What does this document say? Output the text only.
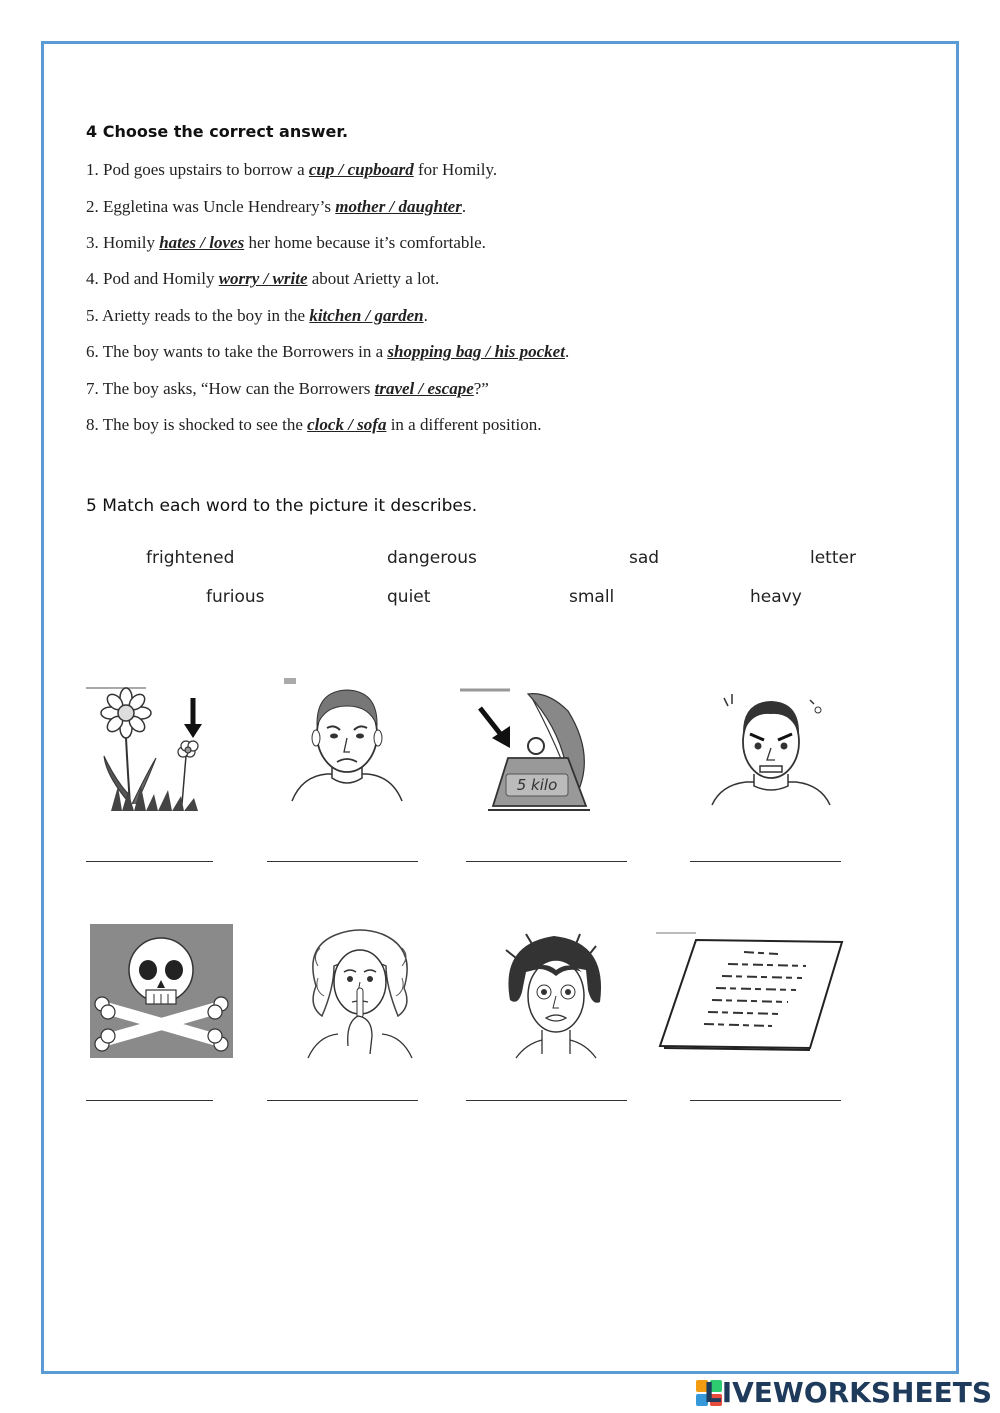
4 Choose the correct answer.
1. Pod goes upstairs to borrow a cup / cupboard for Homily.
2. Eggletina was Uncle Hendreary’s mother / daughter.
3. Homily hates / loves her home because it’s comfortable.
4. Pod and Homily worry / write about Arietty a lot.
5. Arietty reads to the boy in the kitchen / garden.
6. The boy wants to take the Borrowers in a shopping bag / his pocket.
7. The boy asks, “How can the Borrowers travel / escape?”
8. The boy is shocked to see the clock / sofa in a different position.
5 Match each word to the picture it describes.
frightened	dangerous	sad	letter
furious	quiet	small	heavy
5 kilo
LIVEWORKSHEETS
